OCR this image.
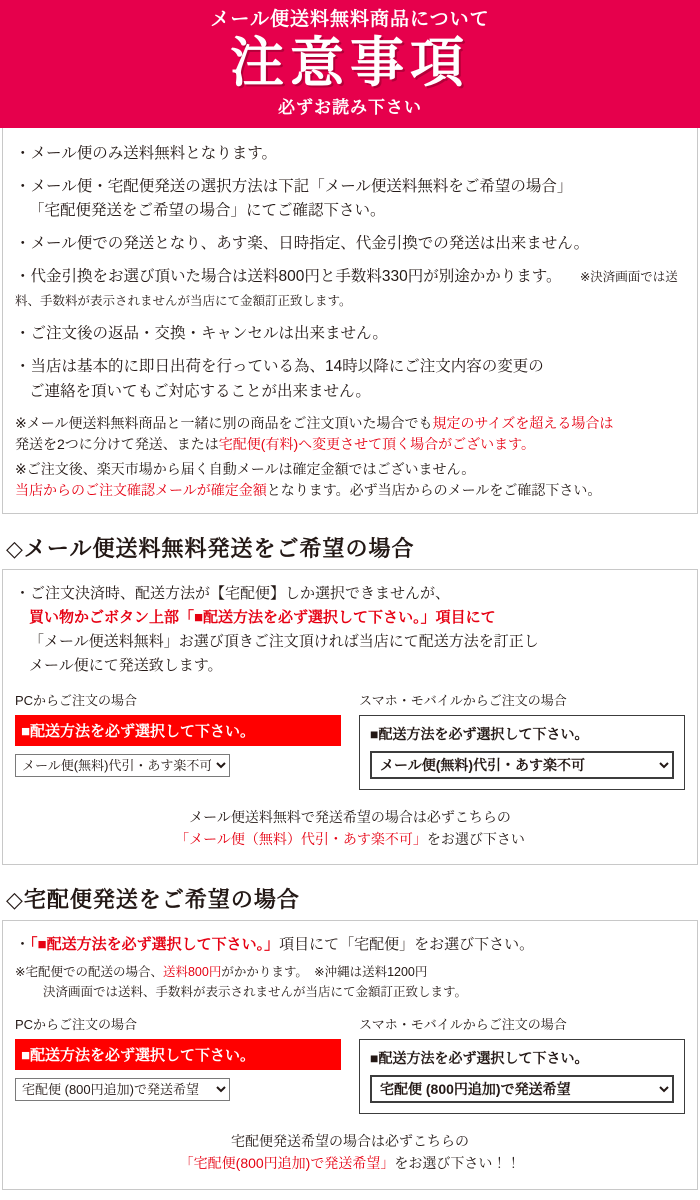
メール便送料無料商品について
注意事項
必ずお読み下さい
・メール便のみ送料無料となります。
・メール便・宅配便発送の選択方法は下記「メール便送料無料をご希望の場合」
「宅配便発送をご希望の場合」にてご確認下さい。
・メール便での発送となり、あす楽、日時指定、代金引換での発送は出来ません。
・代金引換をお選び頂いた場合は送料800円と手数料330円が別途かかります。 ※決済画面では送料、手数料が表示されませんが当店にて金額訂正致します。
・ご注文後の返品・交換・キャンセルは出来ません。
・当店は基本的に即日出荷を行っている為、14時以降にご注文内容の変更の
ご連絡を頂いてもご対応することが出来ません。
※メール便送料無料商品と一緒に別の商品をご注文頂いた場合でも規定のサイズを超える場合は
発送を2つに分けて発送、または宅配便(有料)へ変更させて頂く場合がございます。
※ご注文後、楽天市場から届く自動メールは確定金額ではございません。
当店からのご注文確認メールが確定金額となります。必ず当店からのメールをご確認下さい。
◇メール便送料無料発送をご希望の場合
・ご注文決済時、配送方法が【宅配便】しか選択できませんが、
買い物かごボタン上部「■配送方法を必ず選択して下さい。」項目にて
「メール便送料無料」お選び頂きご注文頂ければ当店にて配送方法を訂正し
メール便にて発送致します。
PCからご注文の場合
■配送方法を必ず選択して下さい。
メール便(無料)代引・あす楽不可
スマホ・モバイルからご注文の場合
■配送方法を必ず選択して下さい。
メール便(無料)代引・あす楽不可
メール便送料無料で発送希望の場合は必ずこちらの
「メール便（無料）代引・あす楽不可」をお選び下さい
◇宅配便発送をご希望の場合
・「■配送方法を必ず選択して下さい。」項目にて「宅配便」をお選び下さい。
※宅配便での配送の場合、送料800円がかかります。　※沖縄は送料1200円
決済画面では送料、手数料が表示されませんが当店にて金額訂正致します。
PCからご注文の場合
■配送方法を必ず選択して下さい。
宅配便 (800円追加)で発送希望
スマホ・モバイルからご注文の場合
■配送方法を必ず選択して下さい。
宅配便 (800円追加)で発送希望
宅配便発送希望の場合は必ずこちらの
「宅配便(800円追加)で発送希望」をお選び下さい！！
